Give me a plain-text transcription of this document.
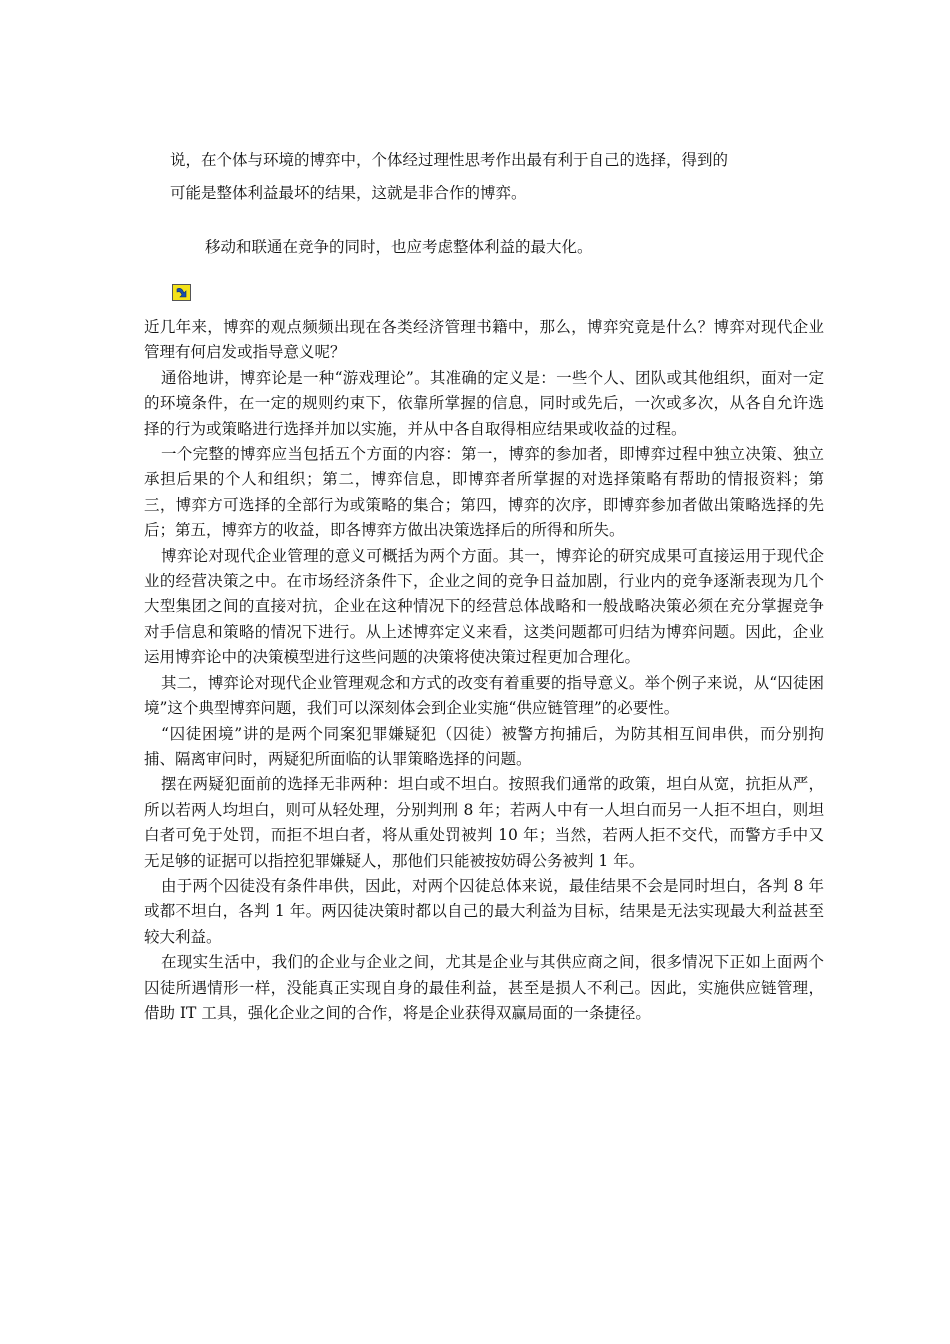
说，在个体与环境的博弈中，个体经过理性思考作出最有利于自己的选择，得到的
可能是整体利益最坏的结果，这就是非合作的博弈。
移动和联通在竞争的同时，也应考虑整体利益的最大化。

近几年来，博弈的观点频频出现在各类经济管理书籍中，那么，博弈究竟是什么？博弈对现代企业管理有何启发或指导意义呢？

通俗地讲，博弈论是一种“游戏理论”。其准确的定义是：一些个人、团队或其他组织，面对一定的环境条件，在一定的规则约束下，依靠所掌握的信息，同时或先后，一次或多次，从各自允许选择的行为或策略进行选择并加以实施，并从中各自取得相应结果或收益的过程。

一个完整的博弈应当包括五个方面的内容：第一，博弈的参加者，即博弈过程中独立决策、独立承担后果的个人和组织；第二，博弈信息，即博弈者所掌握的对选择策略有帮助的情报资料；第三，博弈方可选择的全部行为或策略的集合；第四，博弈的次序，即博弈参加者做出策略选择的先后；第五，博弈方的收益，即各博弈方做出决策选择后的所得和所失。

博弈论对现代企业管理的意义可概括为两个方面。其一，博弈论的研究成果可直接运用于现代企业的经营决策之中。在市场经济条件下，企业之间的竞争日益加剧，行业内的竞争逐渐表现为几个大型集团之间的直接对抗，企业在这种情况下的经营总体战略和一般战略决策必须在充分掌握竞争对手信息和策略的情况下进行。从上述博弈定义来看，这类问题都可归结为博弈问题。因此，企业运用博弈论中的决策模型进行这些问题的决策将使决策过程更加合理化。

其二，博弈论对现代企业管理观念和方式的改变有着重要的指导意义。举个例子来说，从“囚徒困境”这个典型博弈问题，我们可以深刻体会到企业实施“供应链管理”的必要性。

“囚徒困境”讲的是两个同案犯罪嫌疑犯（囚徒）被警方拘捕后，为防其相互间串供，而分别拘捕、隔离审问时，两疑犯所面临的认罪策略选择的问题。

摆在两疑犯面前的选择无非两种：坦白或不坦白。按照我们通常的政策，坦白从宽，抗拒从严，所以若两人均坦白，则可从轻处理，分别判刑 8 年；若两人中有一人坦白而另一人拒不坦白，则坦白者可免于处罚，而拒不坦白者，将从重处罚被判 10 年；当然，若两人拒不交代，而警方手中又无足够的证据可以指控犯罪嫌疑人，那他们只能被按妨碍公务被判 1 年。

由于两个囚徒没有条件串供，因此，对两个囚徒总体来说，最佳结果不会是同时坦白，各判 8 年或都不坦白，各判 1 年。两囚徒决策时都以自己的最大利益为目标，结果是无法实现最大利益甚至较大利益。

在现实生活中，我们的企业与企业之间，尤其是企业与其供应商之间，很多情况下正如上面两个囚徒所遇情形一样，没能真正实现自身的最佳利益，甚至是损人不利己。因此，实施供应链管理，借助 IT 工具，强化企业之间的合作，将是企业获得双赢局面的一条捷径。
